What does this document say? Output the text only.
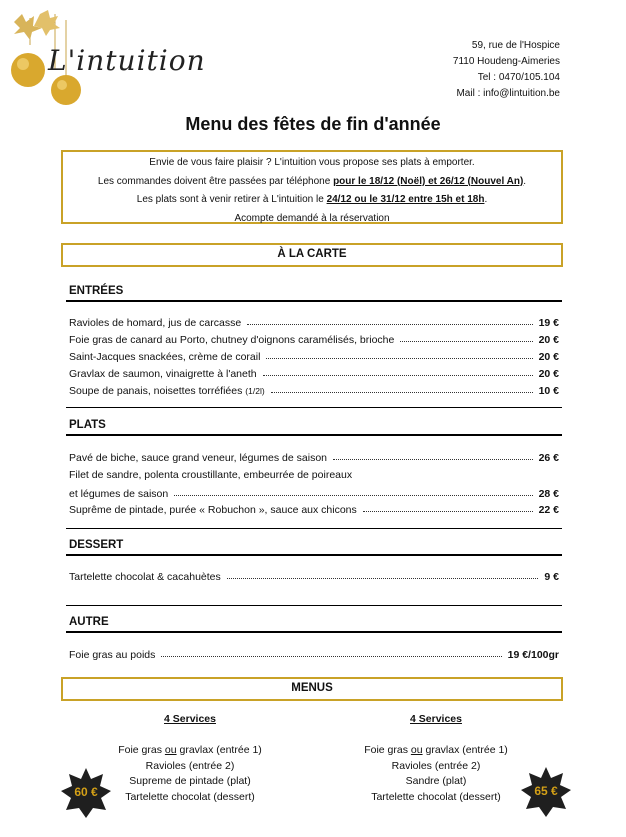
L'intuition	59, rue de l'Hospice
7110 Houdeng-Aimeries
Tel : 0470/105.104
Mail : info@lintuition.be
Menu des fêtes de fin d'année
Envie de vous faire plaisir ? L'intuition vous propose ses plats à emporter.
Les commandes doivent être passées par téléphone pour le 18/12 (Noël) et 26/12 (Nouvel An).
Les plats sont à venir retirer à L'intuition le 24/12 ou le 31/12 entre 15h et 18h.
Acompte demandé à la réservation
À LA CARTE
ENTRÉES
Ravioles de homard, jus de carcasse	19 €
Foie gras de canard au Porto, chutney d'oignons caramélisés, brioche	20 €
Saint-Jacques snackées, crème de corail	20 €
Gravlax de saumon, vinaigrette à l'aneth	20 €
Soupe de panais, noisettes torréfiées (1/2l)	10 €
PLATS
Pavé de biche, sauce grand veneur, légumes de saison	26 €
Filet de sandre, polenta croustillante, embeurrée de poireaux
et légumes de saison	28 €
Suprême de pintade, purée « Robuchon », sauce aux chicons	22 €
DESSERT
Tartelette chocolat & cacahuètes	9 €
AUTRE
Foie gras au poids	19 €/100gr
MENUS
4 Services
Foie gras ou gravlax (entrée 1)
Ravioles (entrée 2)
Supreme de pintade (plat)
Tartelette chocolat (dessert)
4 Services
Foie gras ou gravlax (entrée 1)
Ravioles (entrée 2)
Sandre (plat)
Tartelette chocolat (dessert)
60 €	65 €
